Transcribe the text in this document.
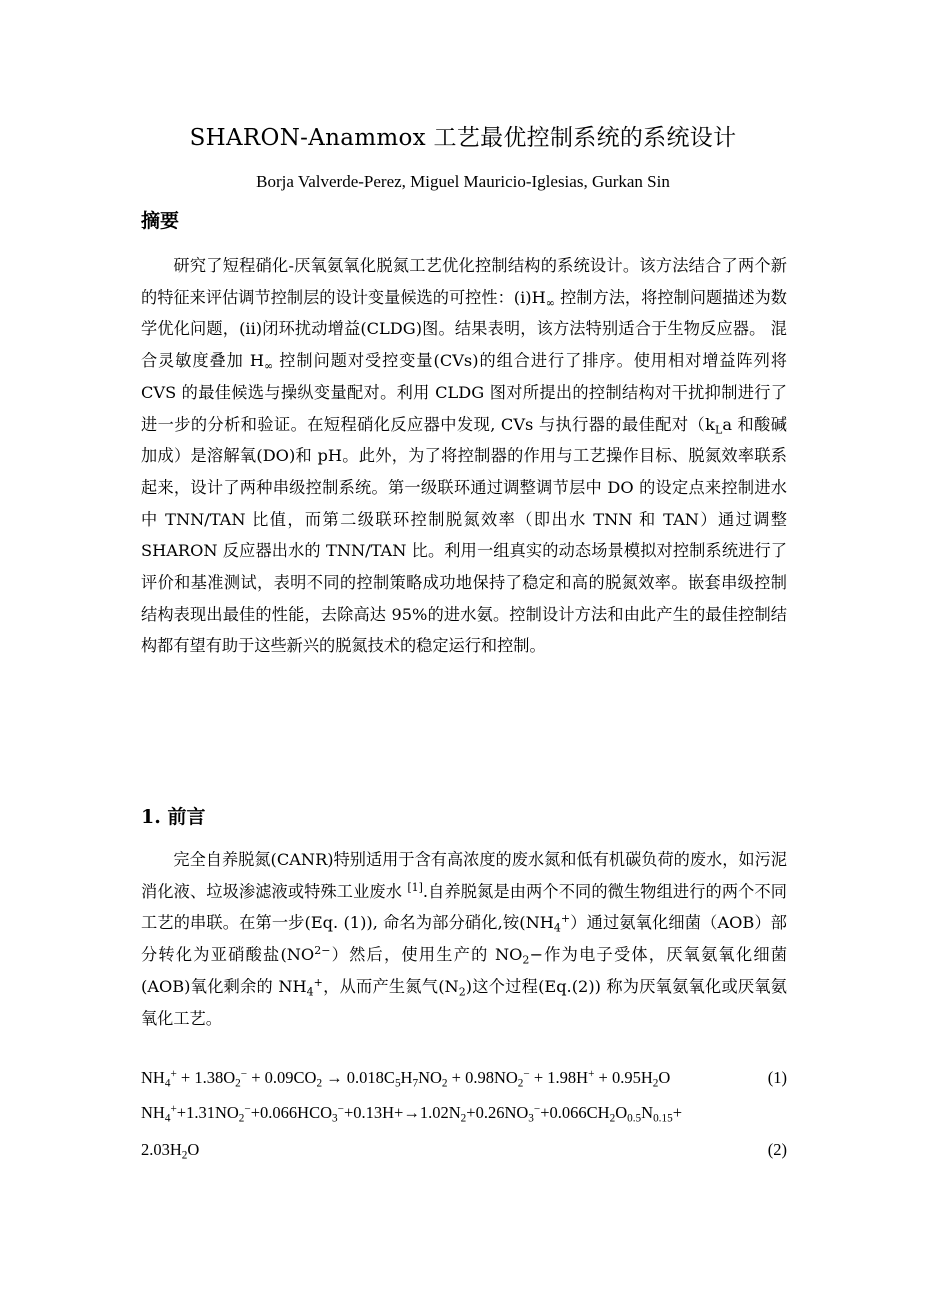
SHARON-Anammox 工艺最优控制系统的系统设计
Borja Valverde-Perez, Miguel Mauricio-Iglesias, Gurkan Sin
摘要

研究了短程硝化-厌氧氨氧化脱氮工艺优化控制结构的系统设计。该方法结合了两个新的特征来评估调节控制层的设计变量候选的可控性：$(i)H_\infty$ 控制方法，将控制问题描述为数学优化问题，(ii)闭环扰动增益(CLDG)图。结果表明，该方法特别适合于生物反应器。 混合灵敏度叠加 $H_\infty$ 控制问题对受控变量(CVs)的组合进行了排序。使用相对增益阵列将 CVS 的最佳候选与操纵变量配对。利用 CLDG 图对所提出的控制结构对干扰抑制进行了进一步的分析和验证。在短程硝化反应器中发现, CVs 与执行器的最佳配对（$k_La$ 和酸碱加成）是溶解氧(DO)和 pH。此外，为了将控制器的作用与工艺操作目标、脱氮效率联系起来，设计了两种串级控制系统。第一级联环通过调整调节层中 DO 的设定点来控制进水中 TNN/TAN 比值，而第二级联环控制脱氮效率（即出水 TNN 和 TAN）通过调整 SHARON 反应器出水的 TNN/TAN 比。利用一组真实的动态场景模拟对控制系统进行了评价和基准测试，表明不同的控制策略成功地保持了稳定和高的脱氮效率。嵌套串级控制结构表现出最佳的性能，去除高达 95%的进水氨。控制设计方法和由此产生的最佳控制结构都有望有助于这些新兴的脱氮技术的稳定运行和控制。

1. 前言

完全自养脱氮(CANR)特别适用于含有高浓度的废水氮和低有机碳负荷的废水，如污泥消化液、垃圾渗滤液或特殊工业废水 [1].自养脱氮是由两个不同的微生物组进行的两个不同工艺的串联。在第一步(Eq. (1)), 命名为部分硝化,铵$(NH_4^+)$通过氨氧化细菌（AOB）部分转化为亚硝酸盐$(NO^{2-})$然后，使用生产的 $NO_2-$作为电子受体，厌氧氨氧化细菌(AOB)氧化剩余的 $NH_4^+$，从而产生氮气$(N_2)$这个过程(Eq.(2)) 称为厌氧氨氧化或厌氧氨氧化工艺。

$NH_4^+ + 1.38O_2^- + 0.09CO_2 \to 0.018C_5H_7NO_2 + 0.98NO_2^- + 1.98H^+ + 0.95H_2O$	(1)
$NH_4^++1.31NO_2^-+0.066HCO_3^-+0.13H+\to 1.02N_2+0.26NO_3^-+0.066CH_2O_{0.5}N_{0.15}+$
$2.03H_2O$	(2)
